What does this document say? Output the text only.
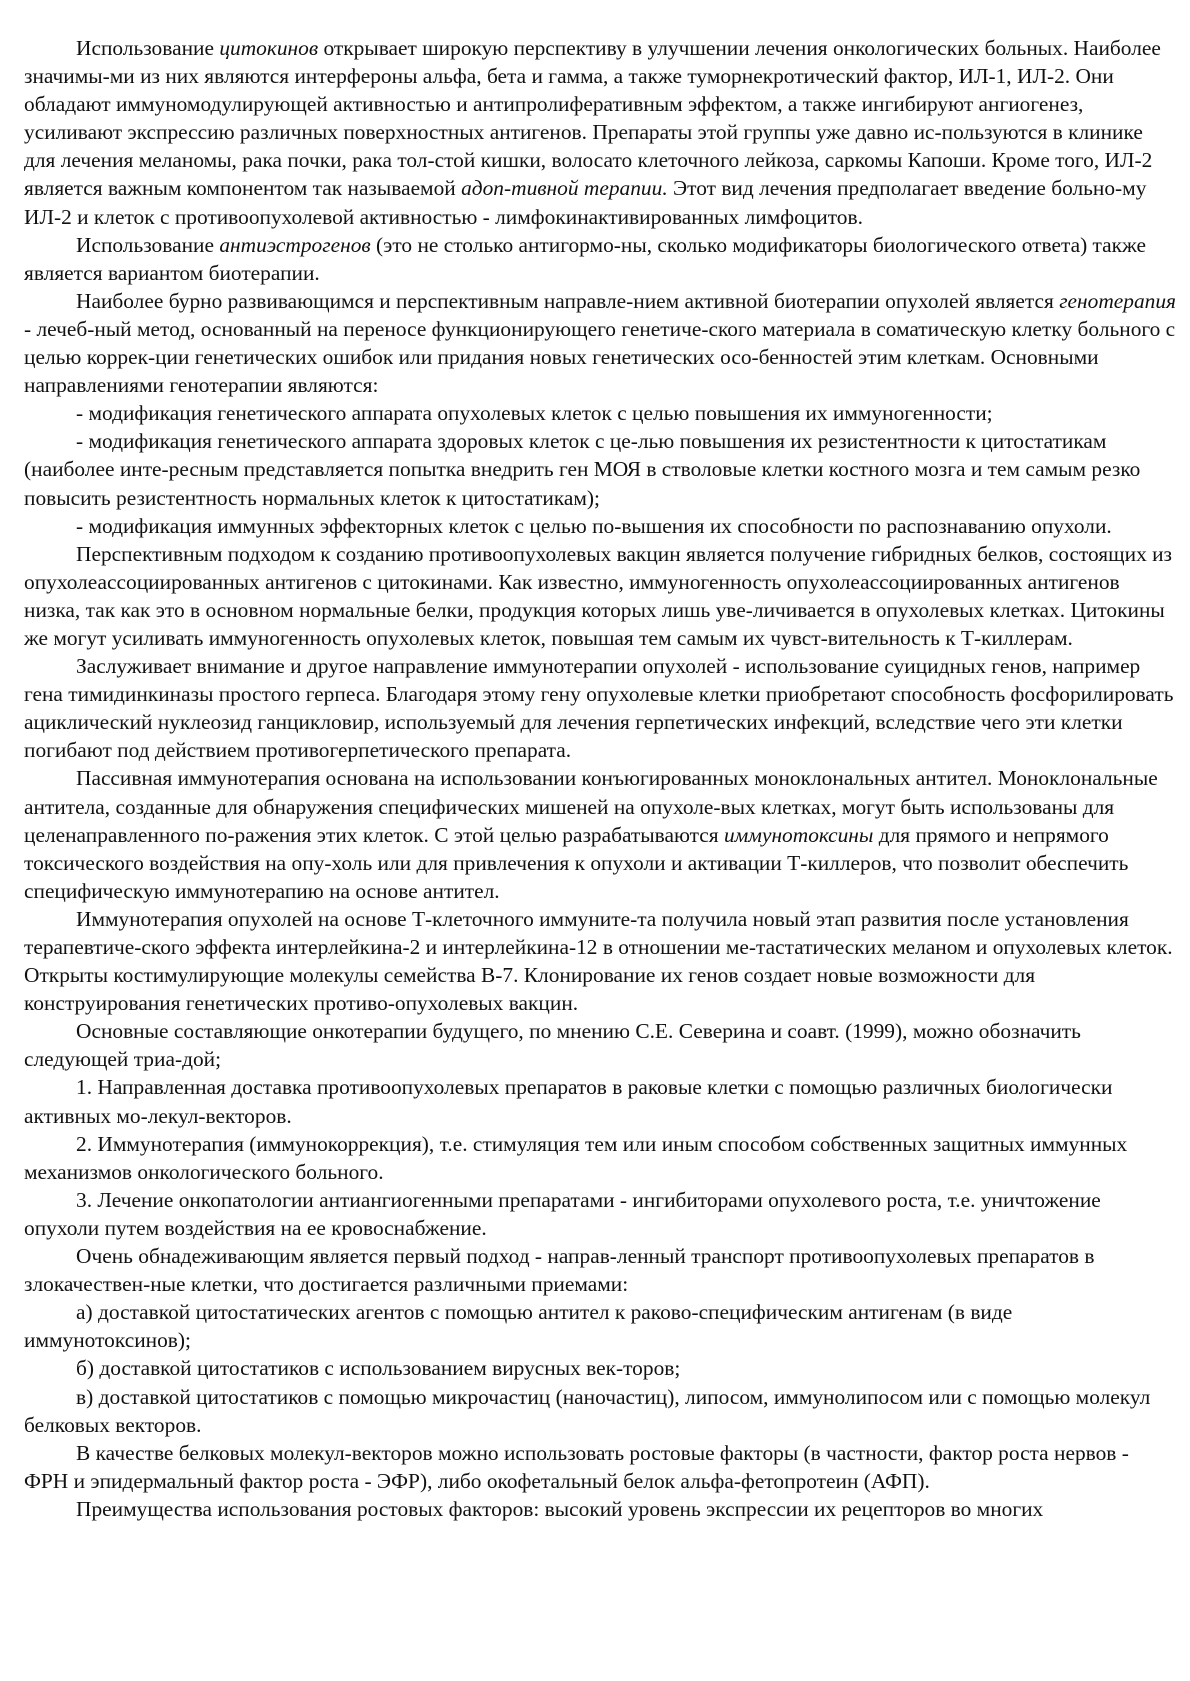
Использование цитокинов открывает широкую перспективу в улучшении лечения онкологических больных. Наиболее значимы-ми из них являются интерфероны альфа, бета и гамма, а также туморнекротический фактор, ИЛ-1, ИЛ-2. Они обладают иммуномодулирующей активностью и антипролиферативным эффектом, а также ингибируют ангиогенез, усиливают экспрессию различных поверхностных антигенов. Препараты этой группы уже давно ис-пользуются в клинике для лечения меланомы, рака почки, рака тол-стой кишки, волосато клеточного лейкоза, саркомы Капоши. Кроме того, ИЛ-2 является важным компонентом так называемой адоп-тивной терапии. Этот вид лечения предполагает введение больно-му ИЛ-2 и клеток с противоопухолевой активностью - лимфокинактивированных лимфоцитов.

Использование антиэстрогенов (это не столько антигормо-ны, сколько модификаторы биологического ответа) также является вариантом биотерапии.

Наиболее бурно развивающимся и перспективным направле-нием активной биотерапии опухолей является генотерапия - лечеб-ный метод, основанный на переносе функционирующего генетиче-ского материала в соматическую клетку больного с целью коррек-ции генетических ошибок или придания новых генетических осо-бенностей этим клеткам. Основными направлениями генотерапии являются:

- модификация генетического аппарата опухолевых клеток с целью повышения их иммуногенности;

- модификация генетического аппарата здоровых клеток с це-лью повышения их резистентности к цитостатикам (наиболее инте-ресным представляется попытка внедрить ген МОЯ в стволовые клетки костного мозга и тем самым резко повысить резистентность нормальных клеток к цитостатикам);

- модификация иммунных эффекторных клеток с целью по-вышения их способности по распознаванию опухоли.

Перспективным подходом к созданию противоопухолевых вакцин является получение гибридных белков, состоящих из опухолеассоциированных антигенов с цитокинами. Как известно, иммуногенность опухолеассоциированных антигенов низка, так как это в основном нормальные белки, продукция которых лишь уве-личивается в опухолевых клетках. Цитокины же могут усиливать иммуногенность опухолевых клеток, повышая тем самым их чувст-вительность к Т-киллерам.

Заслуживает внимание и другое направление иммунотерапии опухолей - использование суицидных генов, например гена тимидинкиназы простого герпеса. Благодаря этому гену опухолевые клетки приобретают способность фосфорилировать ациклический нуклеозид ганцикловир, используемый для лечения герпетических инфекций, вследствие чего эти клетки погибают под действием противогерпетического препарата.

Пассивная иммунотерапия основана на использовании конъюгированных моноклональных антител. Моноклональные антитела, созданные для обнаружения специфических мишеней на опухоле-вых клетках, могут быть использованы для целенаправленного по-ражения этих клеток. С этой целью разрабатываются иммунотоксины для прямого и непрямого токсического воздействия на опу-холь или для привлечения к опухоли и активации Т-киллеров, что позволит обеспечить специфическую иммунотерапию на основе антител.

Иммунотерапия опухолей на основе Т-клеточного иммуните-та получила новый этап развития после установления терапевтиче-ского эффекта интерлейкина-2 и интерлейкина-12 в отношении ме-тастатических меланом и опухолевых клеток. Открыты костимулирующие молекулы семейства В-7. Клонирование их генов создает новые возможности для конструирования генетических противо-опухолевых вакцин.

Основные составляющие онкотерапии будущего, по мнению С.Е. Северина и соавт. (1999), можно обозначить следующей триа-дой;

1. Направленная доставка противоопухолевых препаратов в раковые клетки с помощью различных биологически активных мо-лекул-векторов.

2. Иммунотерапия (иммунокоррекция), т.е. стимуляция тем или иным способом собственных защитных иммунных механизмов онкологического больного.

3. Лечение онкопатологии антиангиогенными препаратами - ингибиторами опухолевого роста, т.е. уничтожение опухоли путем воздействия на ее кровоснабжение.

Очень обнадеживающим является первый подход - направ-ленный транспорт противоопухолевых препаратов в злокачествен-ные клетки, что достигается различными приемами:

а) доставкой цитостатических агентов с помощью антител к раково-специфическим антигенам (в виде иммунотоксинов);

б) доставкой цитостатиков с использованием вирусных век-торов;

в) доставкой цитостатиков с помощью микрочастиц (наночастиц), липосом, иммунолипосом или с помощью молекул белковых векторов.

В качестве белковых молекул-векторов можно использовать ростовые факторы (в частности, фактор роста нервов - ФРН и эпидермальный фактор роста - ЭФР), либо окофетальный белок альфа-фетопротеин (АФП).

Преимущества использования ростовых факторов: высокий уровень экспрессии их рецепторов во многих
